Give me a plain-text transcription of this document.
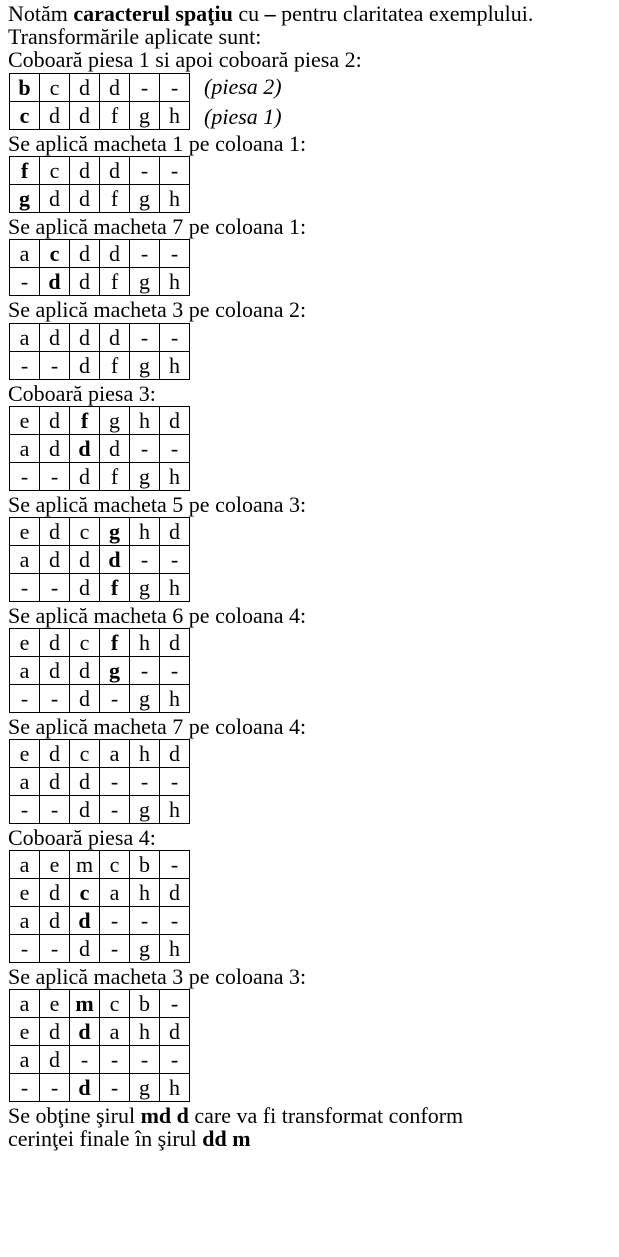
Notăm caracterul spaţiu cu – pentru claritatea exemplului.

Transformările aplicate sunt:

Coboară piesa 1 si apoi coboară piesa 2:

b	c	d	d	-	-
c	d	d	f	g	h
(piesa 2)
(piesa 1)

Se aplică macheta 1 pe coloana 1:

f	c	d	d	-	-
g	d	d	f	g	h

Se aplică macheta 7 pe coloana 1:

a	c	d	d	-	-
-	d	d	f	g	h

Se aplică macheta 3 pe coloana 2:

a	d	d	d	-	-
-	-	d	f	g	h

Coboară piesa 3:

e	d	f	g	h	d
a	d	d	d	-	-
-	-	d	f	g	h

Se aplică macheta 5 pe coloana 3:

e	d	c	g	h	d
a	d	d	d	-	-
-	-	d	f	g	h

Se aplică macheta 6 pe coloana 4:

e	d	c	f	h	d
a	d	d	g	-	-
-	-	d	-	g	h

Se aplică macheta 7 pe coloana 4:

e	d	c	a	h	d
a	d	d	-	-	-
-	-	d	-	g	h

Coboară piesa 4:

a	e	m	c	b	-
e	d	c	a	h	d
a	d	d	-	-	-
-	-	d	-	g	h

Se aplică macheta 3 pe coloana 3:

a	e	m	c	b	-
e	d	d	a	h	d
a	d	-	-	-	-
-	-	d	-	g	h

Se obţine şirul md d care va fi transformat conform

cerinţei finale în şirul dd m
